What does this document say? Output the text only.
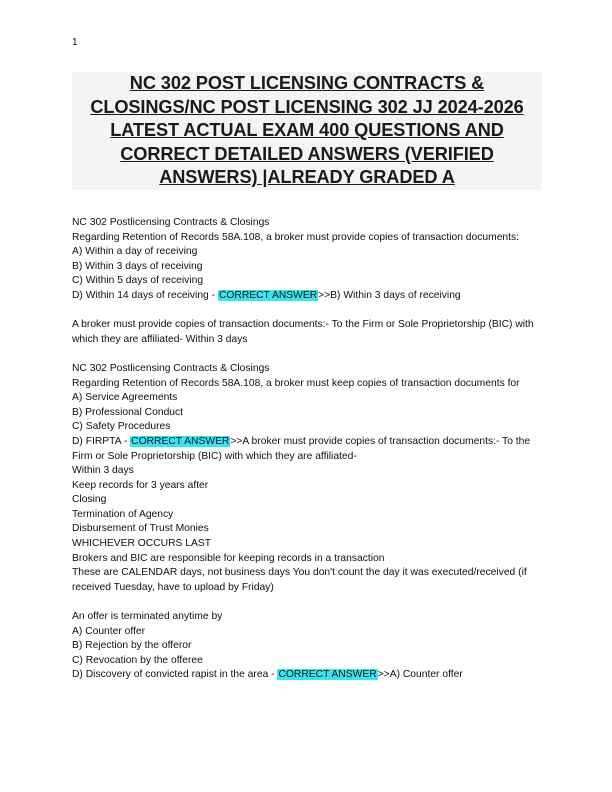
1
NC 302 POST LICENSING CONTRACTS & CLOSINGS/NC POST LICENSING 302 JJ 2024-2026 LATEST ACTUAL EXAM 400 QUESTIONS AND CORRECT DETAILED ANSWERS (VERIFIED ANSWERS) |ALREADY GRADED A
NC 302 Postlicensing Contracts & Closings
Regarding Retention of Records 58A.108, a broker must provide copies of transaction documents:
A) Within a day of receiving
B) Within 3 days of receiving
C) Within 5 days of receiving
D) Within 14 days of receiving - CORRECT ANSWER>>B) Within 3 days of receiving
A broker must provide copies of transaction documents:- To the Firm or Sole Proprietorship (BIC) with which they are affiliated- Within 3 days
NC 302 Postlicensing Contracts & Closings
Regarding Retention of Records 58A.108, a broker must keep copies of transaction documents for
A) Service Agreements
B) Professional Conduct
C) Safety Procedures
D) FIRPTA - CORRECT ANSWER>>A broker must provide copies of transaction documents:- To the Firm or Sole Proprietorship (BIC) with which they are affiliated-
Within 3 days
Keep records for 3 years after
Closing
Termination of Agency
Disbursement of Trust Monies
WHICHEVER OCCURS LAST
Brokers and BIC are responsible for keeping records in a transaction
These are CALENDAR days, not business days You don't count the day it was executed/received (if received Tuesday, have to upload by Friday)
An offer is terminated anytime by
A) Counter offer
B) Rejection by the offeror
C) Revocation by the offeree
D) Discovery of convicted rapist in the area - CORRECT ANSWER>>A) Counter offer
